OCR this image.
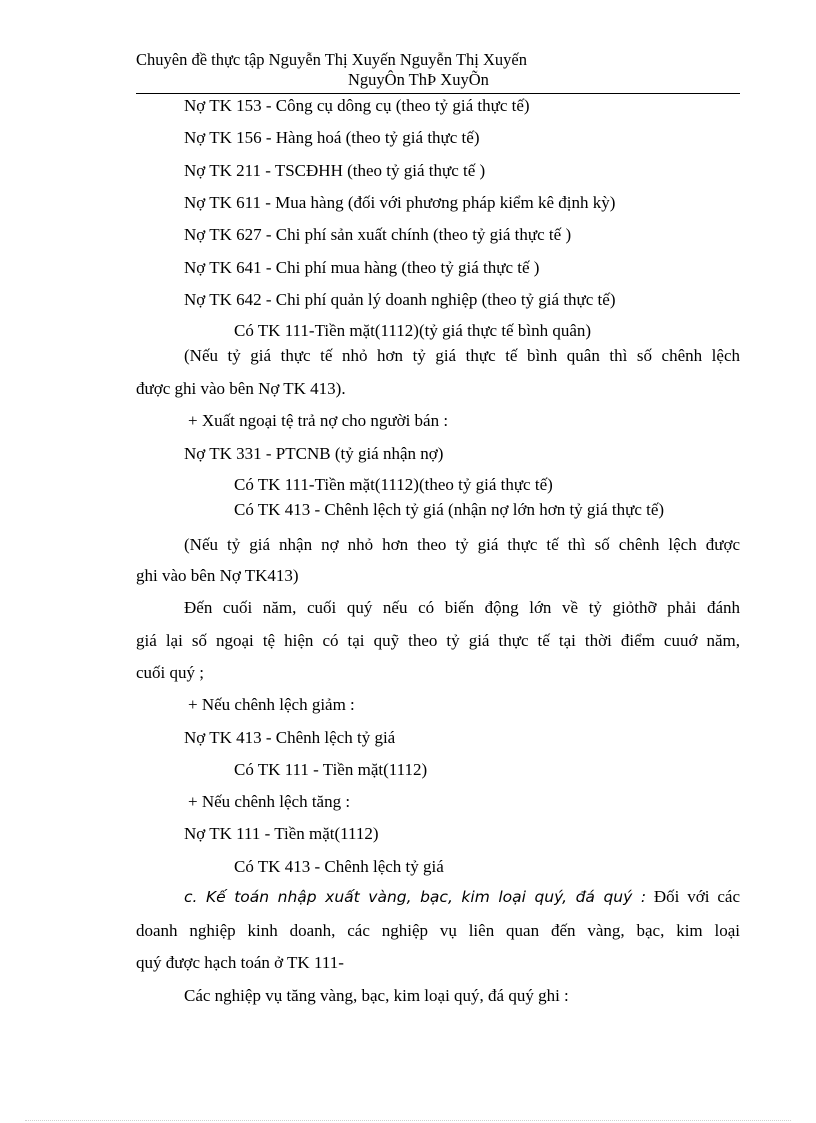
Chuyên đề thực tập Nguyễn Thị Xuyến Nguyễn Thị Xuyến
NguyÔn ThÞ XuyÕn
Nợ TK 153 - Công cụ dông cụ (theo tỷ giá thực tế)
Nợ TK 156 - Hàng hoá (theo tỷ giá thực tế)
Nợ TK 211 - TSCĐHH (theo tỷ giá thực tế )
Nợ TK 611 - Mua hàng (đối với phương pháp kiểm kê định kỳ)
Nợ TK 627 - Chi phí sản xuất chính (theo tỷ giá thực tế )
Nợ TK 641 - Chi phí mua hàng (theo tỷ giá thực tế )
Nợ TK 642 - Chi phí quản lý doanh nghiệp (theo tỷ giá thực tế)
Có TK 111-Tiền mặt(1112)(tỷ giá thực tế bình quân)
(Nếu tỷ giá thực tế nhỏ hơn tỷ giá thực tế bình quân thì số chênh lệch
được ghi vào bên Nợ TK 413).
+ Xuất ngoại tệ trả nợ cho người bán :
Nợ TK 331 - PTCNB (tỷ giá nhận nợ)
Có TK 111-Tiền mặt(1112)(theo tỷ giá thực tế)
Có TK 413 - Chênh lệch tỷ giá (nhận nợ lớn hơn tỷ giá thực tế)
(Nếu tỷ giá nhận nợ nhỏ hơn theo tỷ giá thực tế thì số chênh lệch được
ghi vào bên Nợ TK413)
Đến cuối năm, cuối quý nếu có biến động lớn về tỷ giỏthỡ phải đánh
giá lại số ngoại tệ hiện có tại quỹ theo tỷ giá thực tế tại thời điểm cuuớ năm,
cuối quý ;
+ Nếu chênh lệch giảm :
Nợ TK 413 - Chênh lệch tỷ giá
Có TK 111 - Tiền mặt(1112)
+ Nếu chênh lệch tăng :
Nợ TK 111 - Tiền mặt(1112)
Có TK 413 - Chênh lệch tỷ giá
c. Kế toán nhập xuất vàng, bạc, kim loại quý, đá quý : Đối với các
doanh nghiệp kinh doanh, các nghiệp vụ liên quan đến vàng, bạc, kim loại
quý được hạch toán ở TK 111-
Các nghiệp vụ tăng vàng, bạc, kim loại quý, đá quý ghi :
